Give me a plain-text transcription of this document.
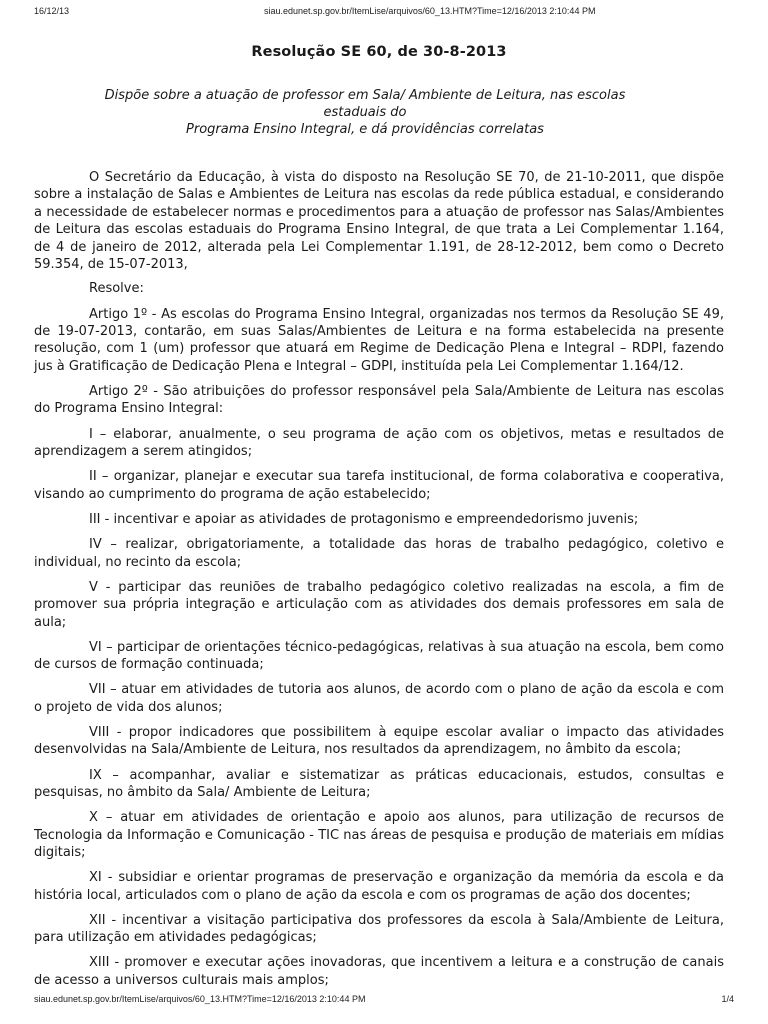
16/12/13	siau.edunet.sp.gov.br/ItemLise/arquivos/60_13.HTM?Time=12/16/2013 2:10:44 PM
Resolução SE 60, de 30-8-2013
Dispõe sobre a atuação de professor em Sala/ Ambiente de Leitura, nas escolas estaduais do
Programa Ensino Integral, e dá providências correlatas

O Secretário da Educação, à vista do disposto na Resolução SE 70, de 21-10-2011, que dispõe sobre a instalação de Salas e Ambientes de Leitura nas escolas da rede pública estadual, e considerando a necessidade de estabelecer normas e procedimentos para a atuação de professor nas Salas/Ambientes de Leitura das escolas estaduais do Programa Ensino Integral, de que trata a Lei Complementar 1.164, de 4 de janeiro de 2012, alterada pela Lei Complementar 1.191, de 28-12-2012, bem como o Decreto 59.354, de 15-07-2013,

Resolve:

Artigo 1º - As escolas do Programa Ensino Integral, organizadas nos termos da Resolução SE 49, de 19-07-2013, contarão, em suas Salas/Ambientes de Leitura e na forma estabelecida na presente resolução, com 1 (um) professor que atuará em Regime de Dedicação Plena e Integral – RDPI, fazendo jus à Gratificação de Dedicação Plena e Integral – GDPI, instituída pela Lei Complementar 1.164/12.

Artigo 2º - São atribuições do professor responsável pela Sala/Ambiente de Leitura nas escolas do Programa Ensino Integral:

I – elaborar, anualmente, o seu programa de ação com os objetivos, metas e resultados de aprendizagem a serem atingidos;

II – organizar, planejar e executar sua tarefa institucional, de forma colaborativa e cooperativa, visando ao cumprimento do programa de ação estabelecido;

III - incentivar e apoiar as atividades de protagonismo e empreendedorismo juvenis;

IV – realizar, obrigatoriamente, a totalidade das horas de trabalho pedagógico, coletivo e individual, no recinto da escola;

V - participar das reuniões de trabalho pedagógico coletivo realizadas na escola, a fim de promover sua própria integração e articulação com as atividades dos demais professores em sala de aula;

VI – participar de orientações técnico-pedagógicas, relativas à sua atuação na escola, bem como de cursos de formação continuada;

VII – atuar em atividades de tutoria aos alunos, de acordo com o plano de ação da escola e com o projeto de vida dos alunos;

VIII - propor indicadores que possibilitem à equipe escolar avaliar o impacto das atividades desenvolvidas na Sala/Ambiente de Leitura, nos resultados da aprendizagem, no âmbito da escola;

IX – acompanhar, avaliar e sistematizar as práticas educacionais, estudos, consultas e pesquisas, no âmbito da Sala/ Ambiente de Leitura;

X – atuar em atividades de orientação e apoio aos alunos, para utilização de recursos de Tecnologia da Informação e Comunicação - TIC nas áreas de pesquisa e produção de materiais em mídias digitais;

XI - subsidiar e orientar programas de preservação e organização da memória da escola e da história local, articulados com o plano de ação da escola e com os programas de ação dos docentes;

XII - incentivar a visitação participativa dos professores da escola à Sala/Ambiente de Leitura, para utilização em atividades pedagógicas;

XIII - promover e executar ações inovadoras, que incentivem a leitura e a construção de canais de acesso a universos culturais mais amplos;

siau.edunet.sp.gov.br/ItemLise/arquivos/60_13.HTM?Time=12/16/2013 2:10:44 PM	1/4
